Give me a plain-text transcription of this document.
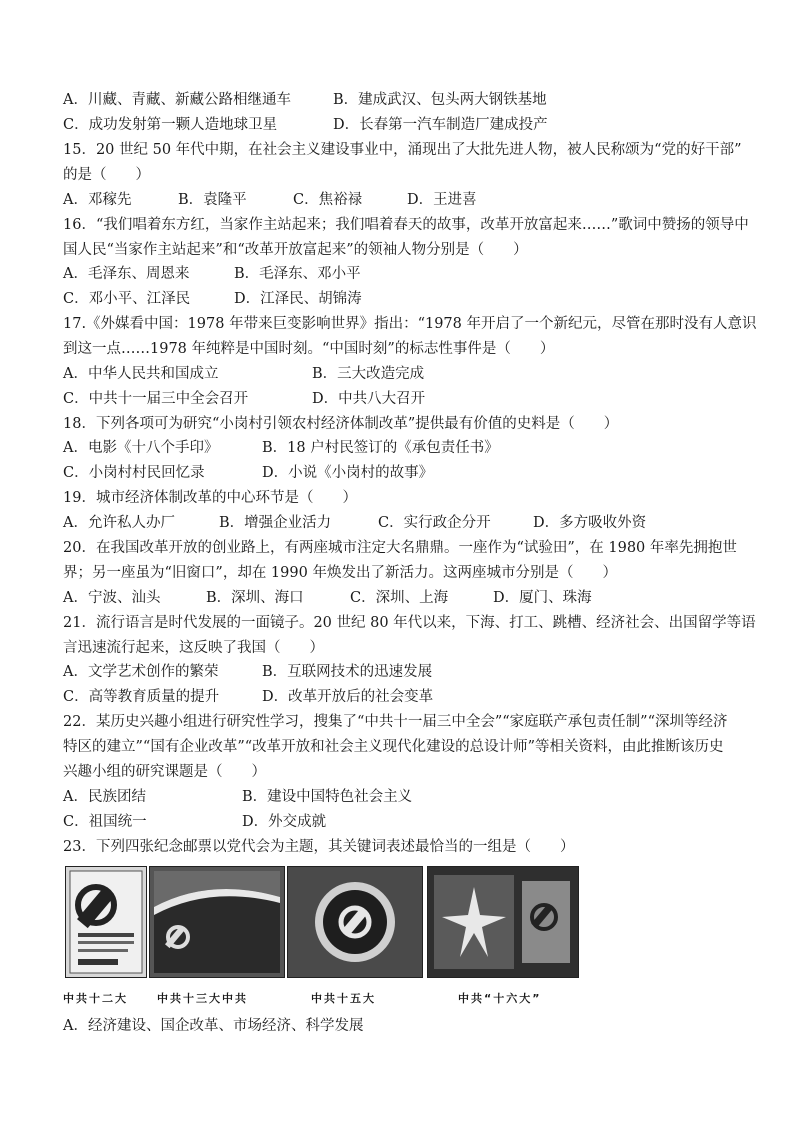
A．川藏、青藏、新藏公路相继通车	B．建成武汉、包头两大钢铁基地
C．成功发射第一颗人造地球卫星	D．长春第一汽车制造厂建成投产
15．20 世纪 50 年代中期，在社会主义建设事业中，涌现出了大批先进人物，被人民称颂为“党的好干部”
的是（　　）
A．邓稼先	B．袁隆平	C．焦裕禄	D．王进喜
16．“我们唱着东方红，当家作主站起来；我们唱着春天的故事，改革开放富起来……”歌词中赞扬的领导中
国人民“当家作主站起来”和“改革开放富起来”的领袖人物分别是（　　）
A．毛泽东、周恩来	B．毛泽东、邓小平
C．邓小平、江泽民	D．江泽民、胡锦涛
17.《外媒看中国：1978 年带来巨变影响世界》指出：“1978 年开启了一个新纪元，尽管在那时没有人意识
到这一点……1978 年纯粹是中国时刻。“中国时刻”的标志性事件是（　　）
A．中华人民共和国成立	B．三大改造完成
C．中共十一届三中全会召开	D．中共八大召开
18．下列各项可为研究“小岗村引领农村经济体制改革”提供最有价值的史料是（　　）
A．电影《十八个手印》	B．18 户村民签订的《承包责任书》
C．小岗村村民回忆录	D．小说《小岗村的故事》
19．城市经济体制改革的中心环节是（　　）
A．允许私人办厂	B．增强企业活力	C．实行政企分开	D．多方吸收外资
20．在我国改革开放的创业路上，有两座城市注定大名鼎鼎。一座作为“试验田”，在 1980 年率先拥抱世
界；另一座虽为“旧窗口”，却在 1990 年焕发出了新活力。这两座城市分别是（　　）
A．宁波、汕头	B．深圳、海口	C．深圳、上海	D．厦门、珠海
21．流行语言是时代发展的一面镜子。20 世纪 80 年代以来，下海、打工、跳槽、经济社会、出国留学等语
言迅速流行起来，这反映了我国（　　）
A．文学艺术创作的繁荣	B．互联网技术的迅速发展
C．高等教育质量的提升	D．改革开放后的社会变革
22．某历史兴趣小组进行研究性学习，搜集了“中共十一届三中全会”“家庭联产承包责任制”“深圳等经济
特区的建立”“国有企业改革”“改革开放和社会主义现代化建设的总设计师”等相关资料，由此推断该历史
兴趣小组的研究课题是（　　）
A．民族团结	B．建设中国特色社会主义
C．祖国统一	D．外交成就
23．下列四张纪念邮票以党代会为主题，其关键词表述最恰当的一组是（　　）
中共十二大	中共十三大中共	中共十五大	中共“十六大”
A．经济建设、国企改革、市场经济、科学发展
